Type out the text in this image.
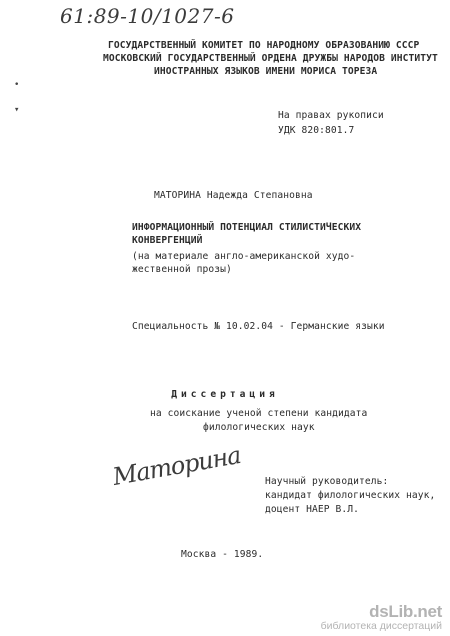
61:89-10/1027-6
•
▾
ГОСУДАРСТВЕННЫЙ КОМИТЕТ ПО НАРОДНОМУ ОБРАЗОВАНИЮ СССР
МОСКОВСКИЙ ГОСУДАРСТВЕННЫЙ ОРДЕНА ДРУЖБЫ НАРОДОВ ИНСТИТУТ
ИНОСТРАННЫХ ЯЗЫКОВ ИМЕНИ МОРИСА ТОРЕЗА
На правах рукописи
УДК 820:801.7
МАТОРИНА Надежда Степановна
ИНФОРМАЦИОННЫЙ ПОТЕНЦИАЛ СТИЛИСТИЧЕСКИХ
КОНВЕРГЕНЦИЙ
(на материале англо-американской худо-
жественной прозы)
Специальность № 10.02.04 - Германские языки
Диссертация
на соискание ученой степени кандидата
филологических наук
Маторина Научный руководитель:
кандидат филологических наук,
доцент НАЕР В.Л.
Москва - 1989.
dsLib.net
библиотека диссертаций
